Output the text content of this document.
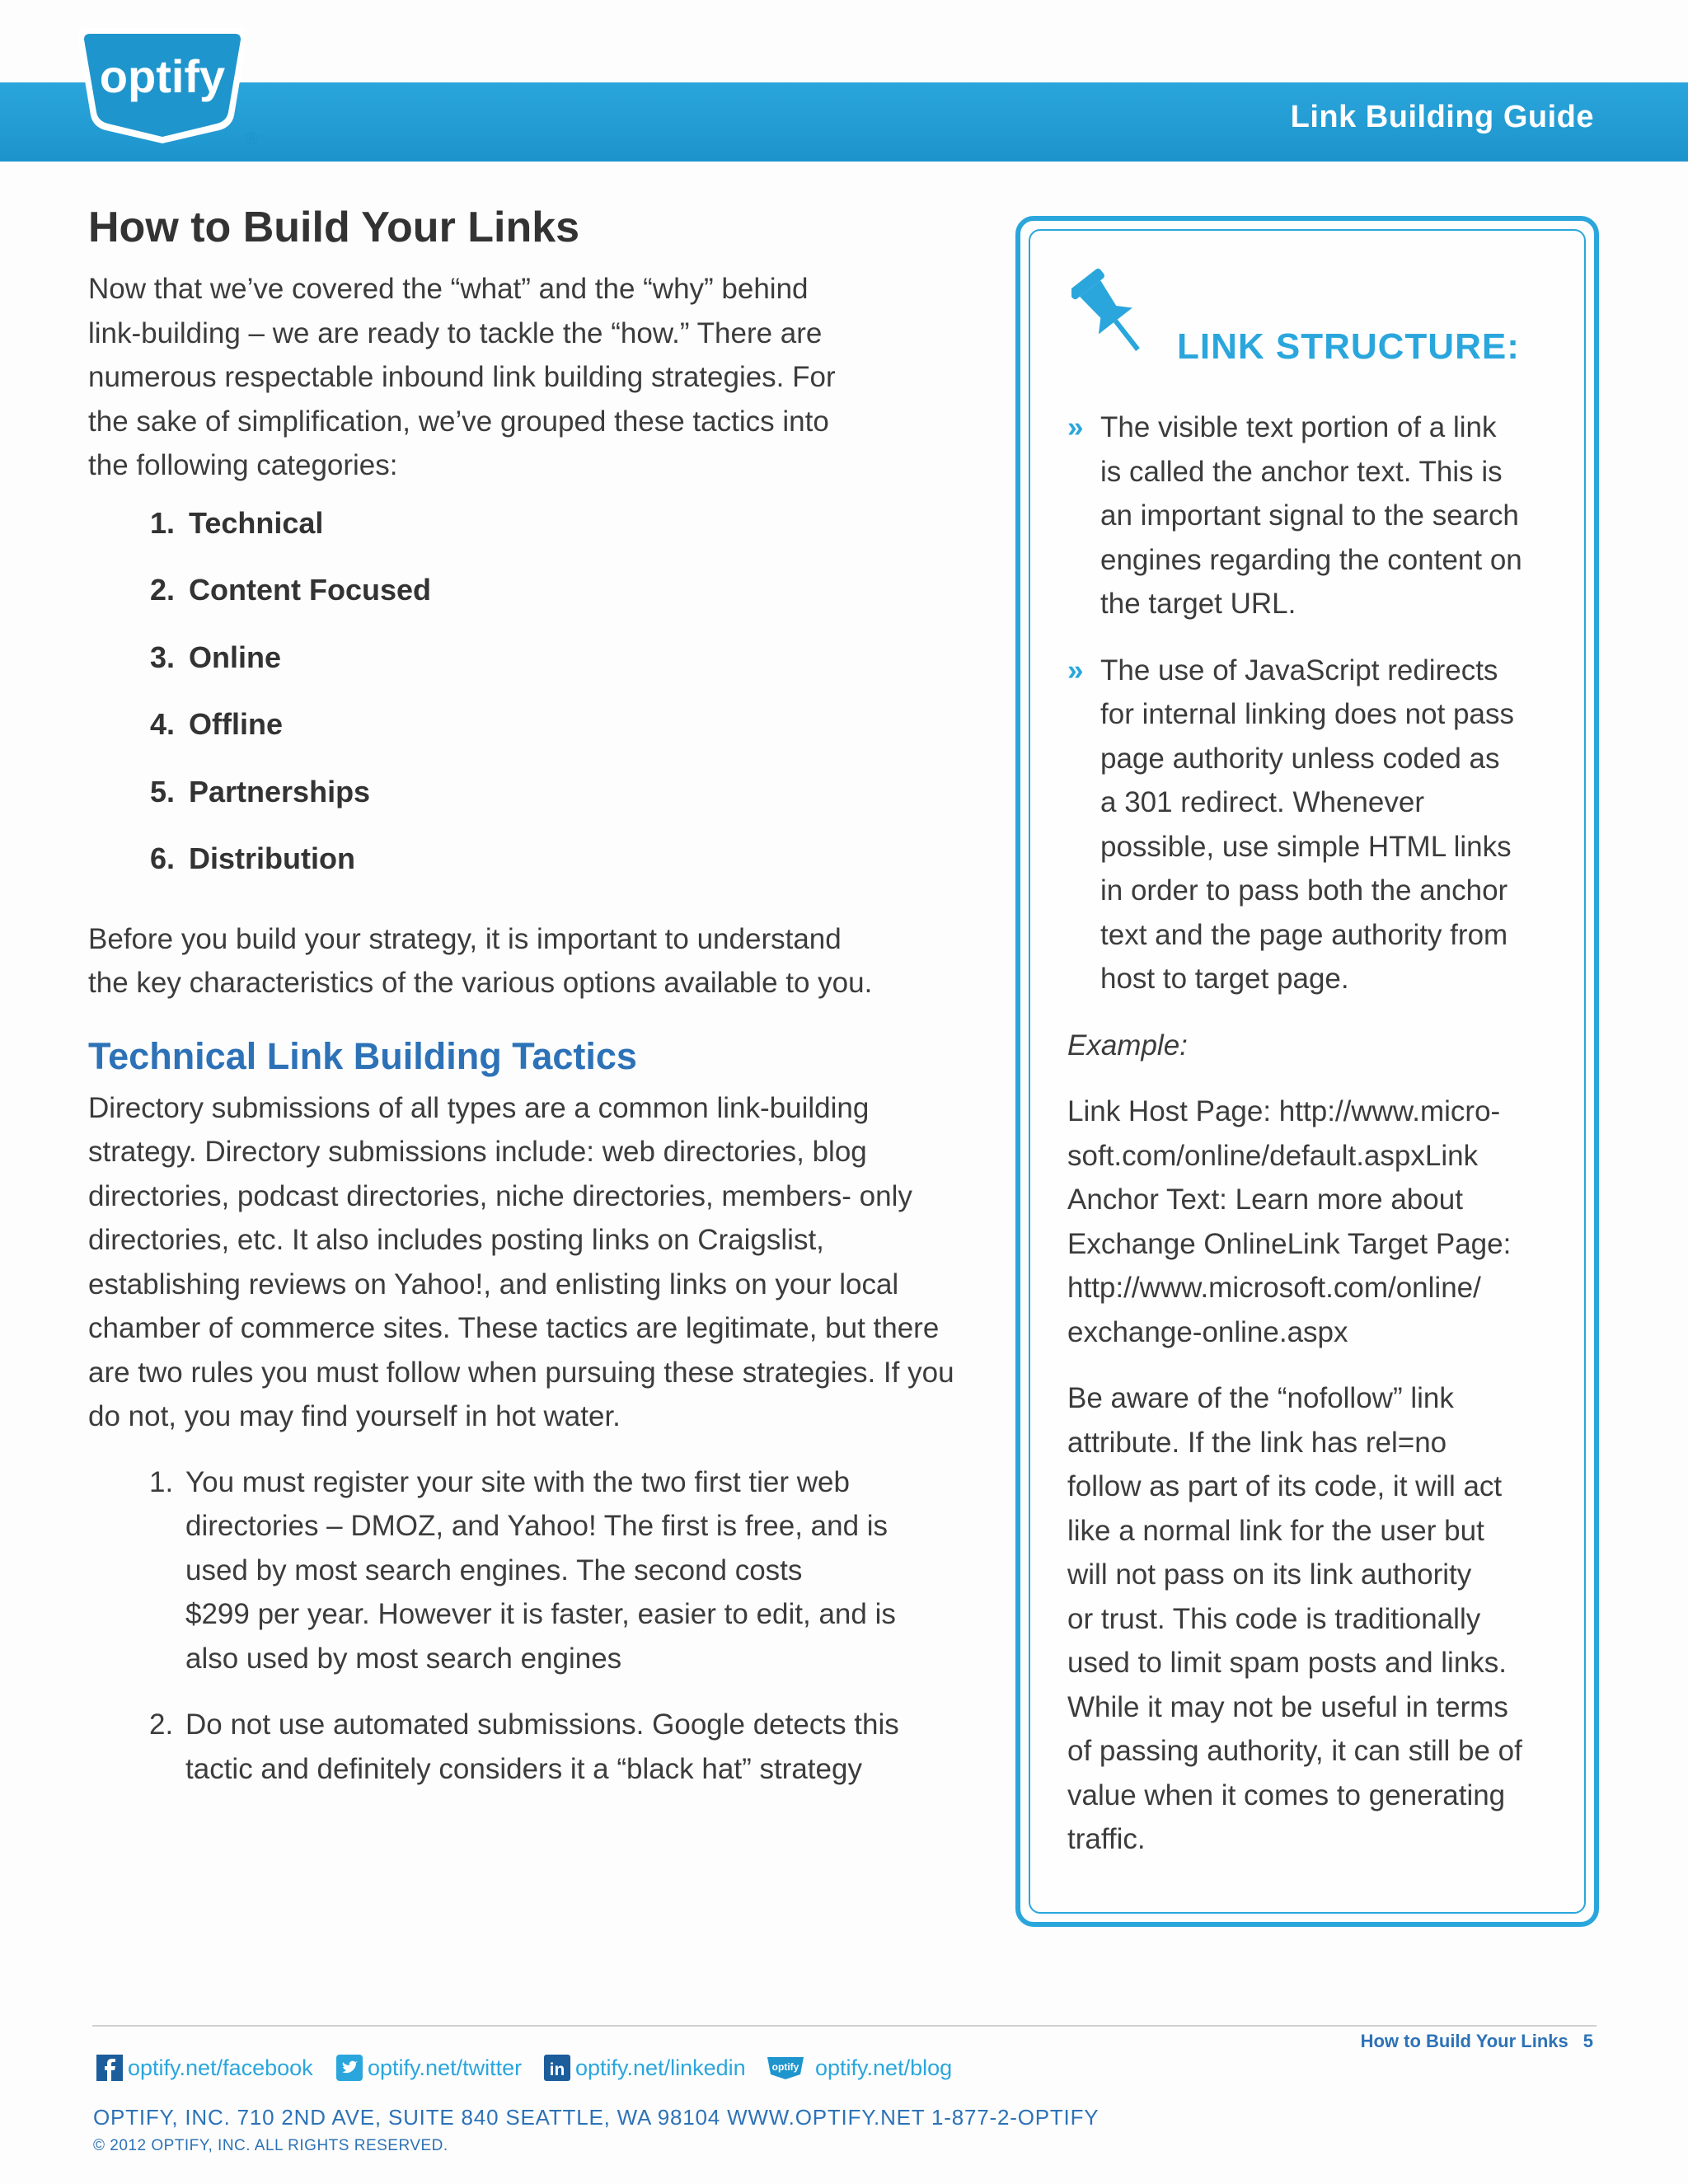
optify
®
Link Building Guide
How to Build Your Links

Now that we’ve covered the “what” and the “why” behind
link-building – we are ready to tackle the “how.” There are
numerous respectable inbound link building strategies. For
the sake of simplification, we’ve grouped these tactics into
the following categories:

1. Technical
2. Content Focused
3. Online
4. Offline
5. Partnerships
6. Distribution

Before you build your strategy, it is important to understand
the key characteristics of the various options available to you.

Technical Link Building Tactics

Directory submissions of all types are a common link-building
strategy. Directory submissions include: web directories, blog
directories, podcast directories, niche directories, members- only
directories, etc. It also includes posting links on Craigslist,
establishing reviews on Yahoo!, and enlisting links on your local
chamber of commerce sites. These tactics are legitimate, but there
are two rules you must follow when pursuing these strategies. If you
do not, you may find yourself in hot water.

1. You must register your site with the two first tier web
directories – DMOZ, and Yahoo! The first is free, and is
used by most search engines. The second costs
$299 per year. However it is faster, easier to edit, and is
also used by most search engines
2. Do not use automated submissions. Google detects this
tactic and definitely considers it a “black hat” strategy
LINK STRUCTURE:
» The visible text portion of a link
is called the anchor text. This is
an important signal to the search
engines regarding the content on
the target URL.
» The use of JavaScript redirects
for internal linking does not pass
page authority unless coded as
a 301 redirect. Whenever
possible, use simple HTML links
in order to pass both the anchor
text and the page authority from
host to target page.

Example:

Link Host Page: http://www.micro-
soft.com/online/default.aspxLink
Anchor Text: Learn more about
Exchange OnlineLink Target Page:
http://www.microsoft.com/online/
exchange-online.aspx

Be aware of the “nofollow” link
attribute. If the link has rel=no
follow as part of its code, it will act
like a normal link for the user but
will not pass on its link authority
or trust. This code is traditionally
used to limit spam posts and links.
While it may not be useful in terms
of passing authority, it can still be of
value when it comes to generating
traffic.

How to Build Your Links 5
optify.net/facebook optify.net/twitter in optify.net/linkedin	optify optify.net/blog
OPTIFY, INC. 710 2ND AVE, SUITE 840 SEATTLE, WA 98104 WWW.OPTIFY.NET 1-877-2-OPTIFY
© 2012 OPTIFY, INC. ALL RIGHTS RESERVED.
